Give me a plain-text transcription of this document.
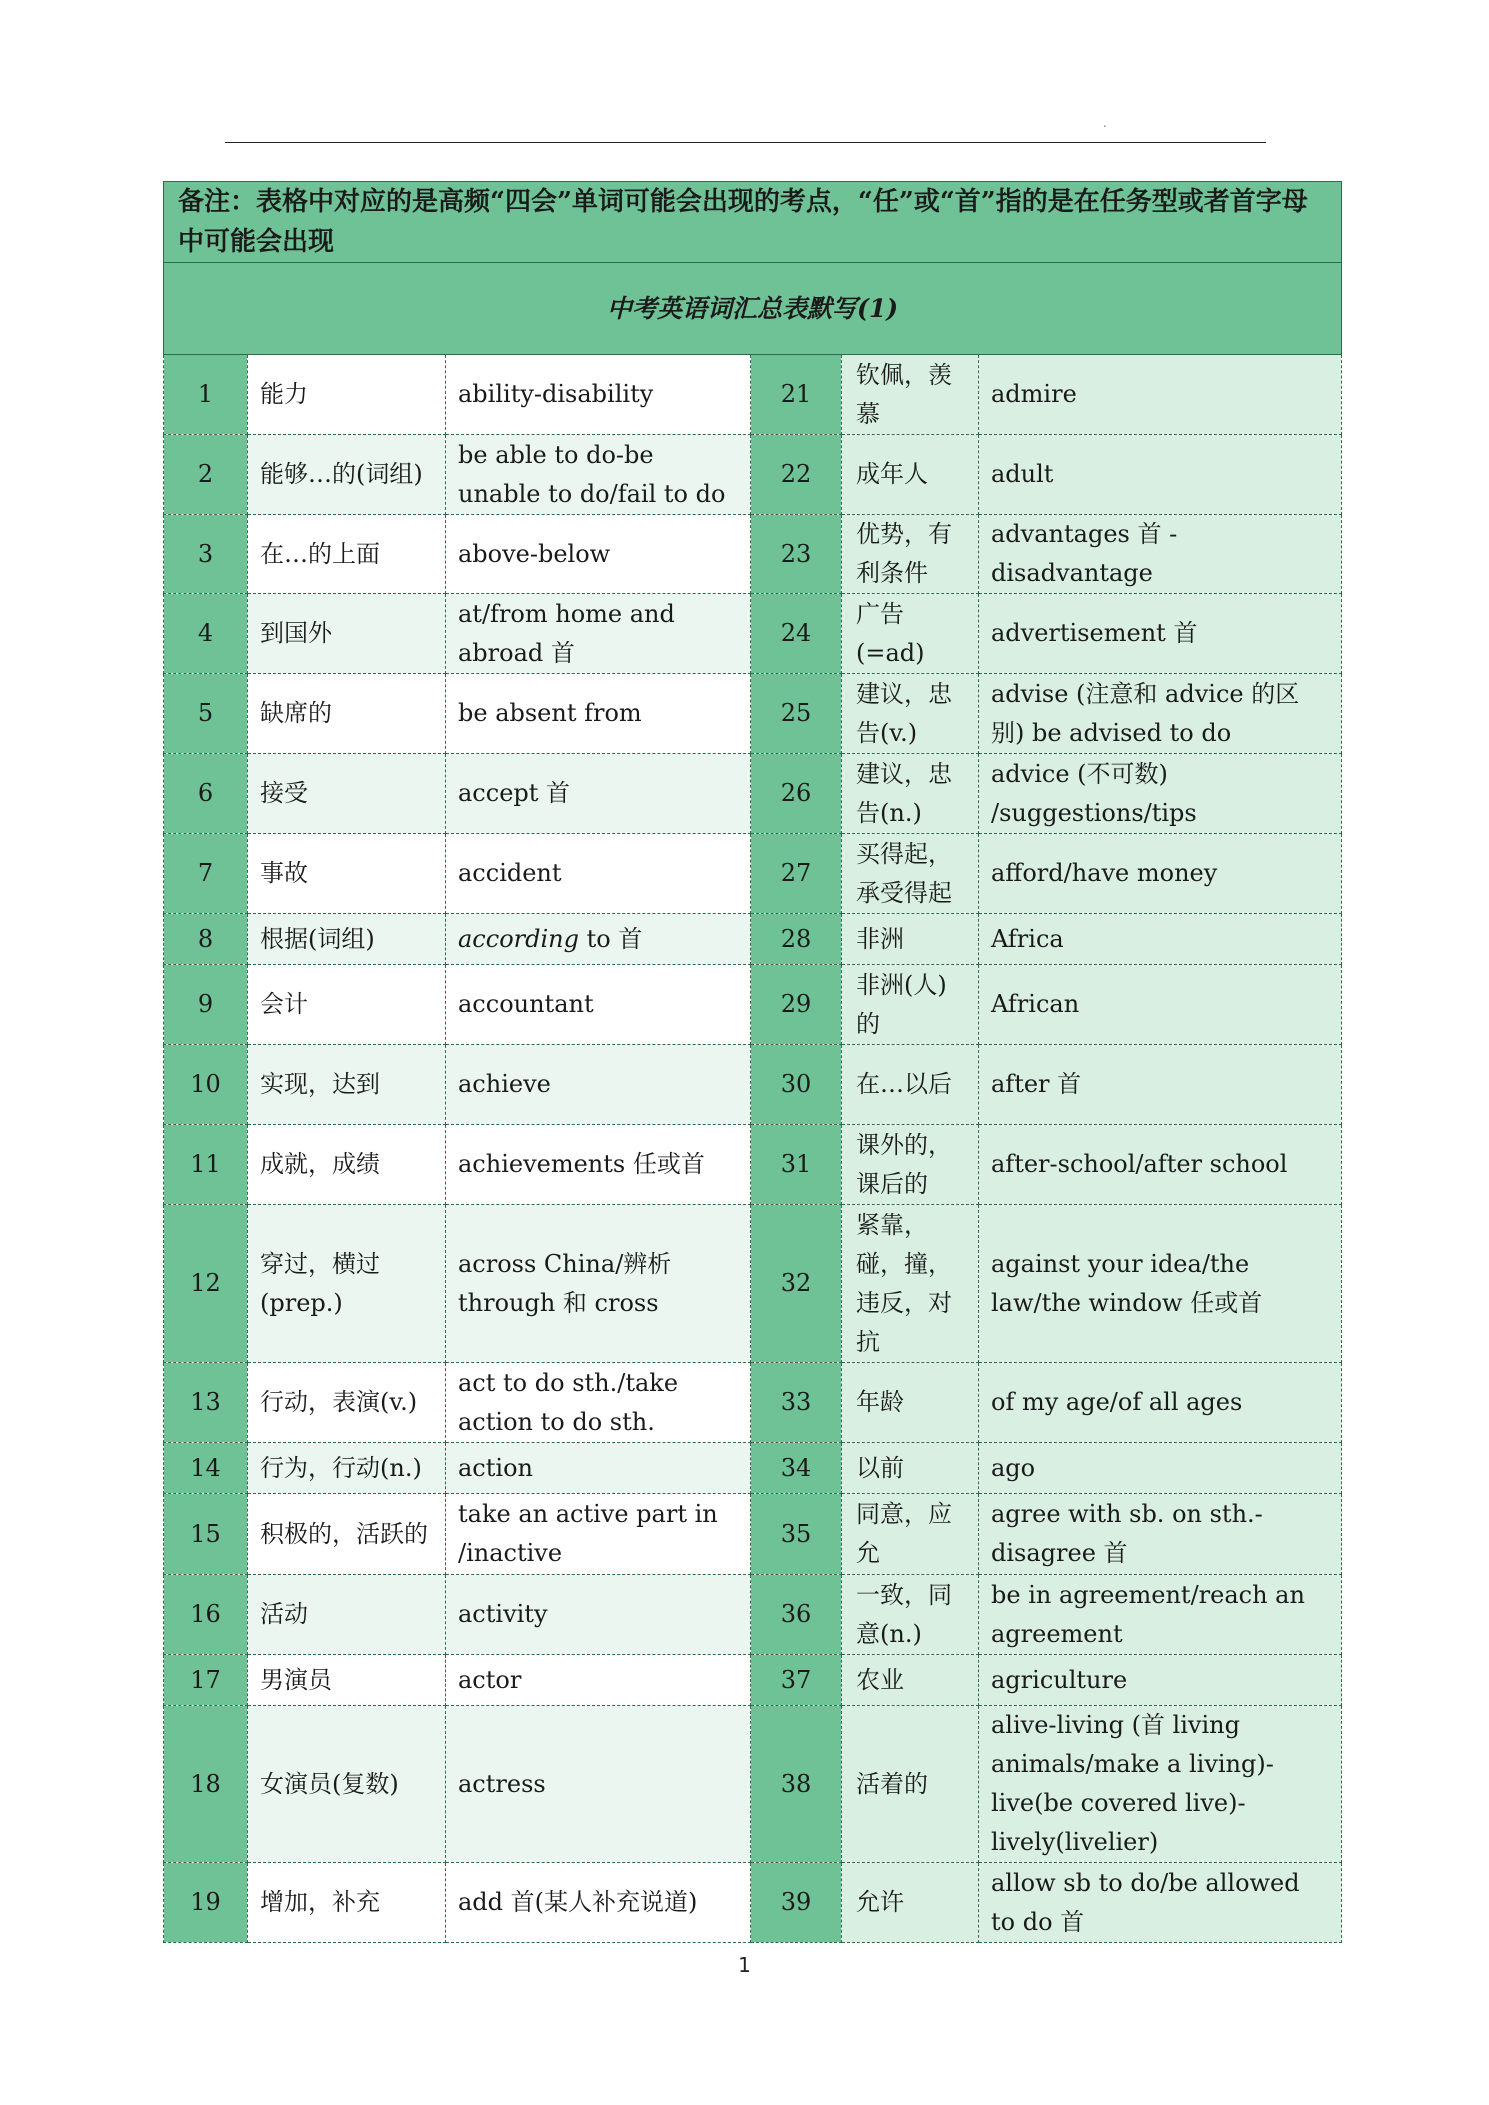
.
备注：表格中对应的是高频“四会”单词可能会出现的考点，“任”或“首”指的是在任务型或者首字母中可能会出现					
中考英语词汇总表默写(1)					
1	能力	ability-disability	21	钦佩，羡慕	admire
2	能够…的(词组)	be able to do-be unable to do/fail to do	22	成年人	adult
3	在…的上面	above-below	23	优势，有利条件	advantages 首 -disadvantage
4	到国外	at/from home and abroad 首	24	广告(=ad)	advertisement 首
5	缺席的	be absent from	25	建议，忠告(v.)	advise (注意和 advice 的区别) be advised to do
6	接受	accept 首	26	建议，忠告(n.)	advice (不可数) /suggestions/tips
7	事故	accident	27	买得起，承受得起	afford/have money
8	根据(词组)	according to 首	28	非洲	Africa
9	会计	accountant	29	非洲(人)的	African
10	实现，达到	achieve	30	在…以后	after 首
11	成就，成绩	achievements 任或首	31	课外的，课后的	after-school/after school
12	穿过，横过(prep.)	across China/辨析 through 和 cross	32	紧靠，碰，撞，违反，对抗	against your idea/the law/the window 任或首
13	行动，表演(v.)	act to do sth./take action to do sth.	33	年龄	of my age/of all ages
14	行为，行动(n.)	action	34	以前	ago
15	积极的，活跃的	take an active part in /inactive	35	同意，应允	agree with sb. on sth.-disagree 首
16	活动	activity	36	一致，同意(n.)	be in agreement/reach an agreement
17	男演员	actor	37	农业	agriculture
18	女演员(复数)	actress	38	活着的	alive-living (首 living animals/make a living)-live(be covered live)-lively(livelier)
19	增加，补充	add 首(某人补充说道)	39	允许	allow sb to do/be allowed to do 首
1
